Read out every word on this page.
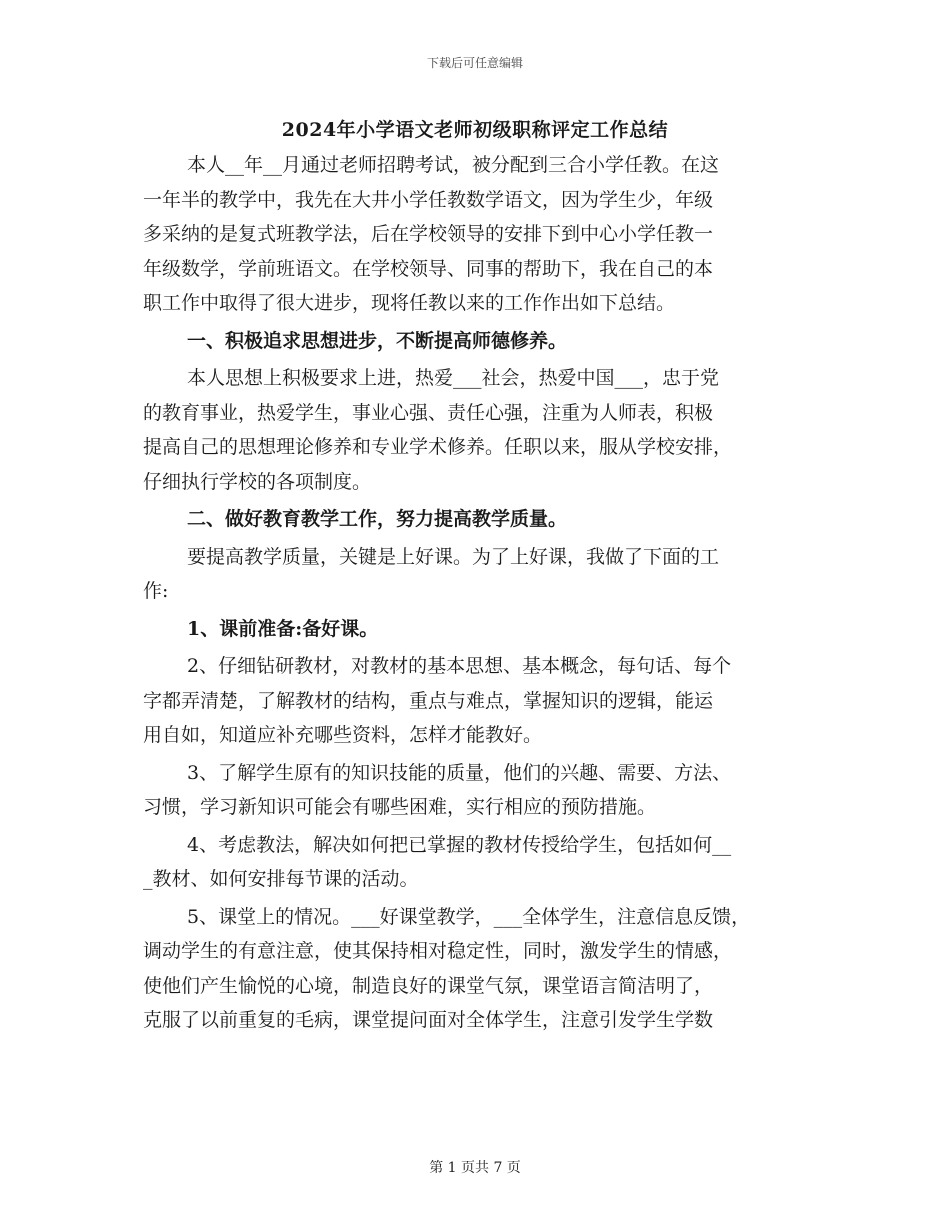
下载后可任意编辑
2024年小学语文老师初级职称评定工作总结
本人__年__月通过老师招聘考试，被分配到三合小学任教。在这
一年半的教学中，我先在大井小学任教数学语文，因为学生少，年级
多采纳的是复式班教学法，后在学校领导的安排下到中心小学任教一
年级数学，学前班语文。在学校领导、同事的帮助下，我在自己的本
职工作中取得了很大进步，现将任教以来的工作作出如下总结。
一、积极追求思想进步，不断提高师德修养。
本人思想上积极要求上进，热爱___社会，热爱中国___，忠于党
的教育事业，热爱学生，事业心强、责任心强，注重为人师表，积极
提高自己的思想理论修养和专业学术修养。任职以来，服从学校安排，
仔细执行学校的各项制度。
二、做好教育教学工作，努力提高教学质量。
要提高教学质量，关键是上好课。为了上好课，我做了下面的工
作:
1、课前准备:备好课。
2、仔细钻研教材，对教材的基本思想、基本概念，每句话、每个
字都弄清楚，了解教材的结构，重点与难点，掌握知识的逻辑，能运
用自如，知道应补充哪些资料，怎样才能教好。
3、了解学生原有的知识技能的质量，他们的兴趣、需要、方法、
习惯，学习新知识可能会有哪些困难，实行相应的预防措施。
4、考虑教法，解决如何把已掌握的教材传授给学生，包括如何__
_教材、如何安排每节课的活动。
5、课堂上的情况。___好课堂教学，___全体学生，注意信息反馈，
调动学生的有意注意，使其保持相对稳定性，同时，激发学生的情感，
使他们产生愉悦的心境，制造良好的课堂气氛，课堂语言简洁明了，
克服了以前重复的毛病，课堂提问面对全体学生，注意引发学生学数
第 1 页共 7 页
